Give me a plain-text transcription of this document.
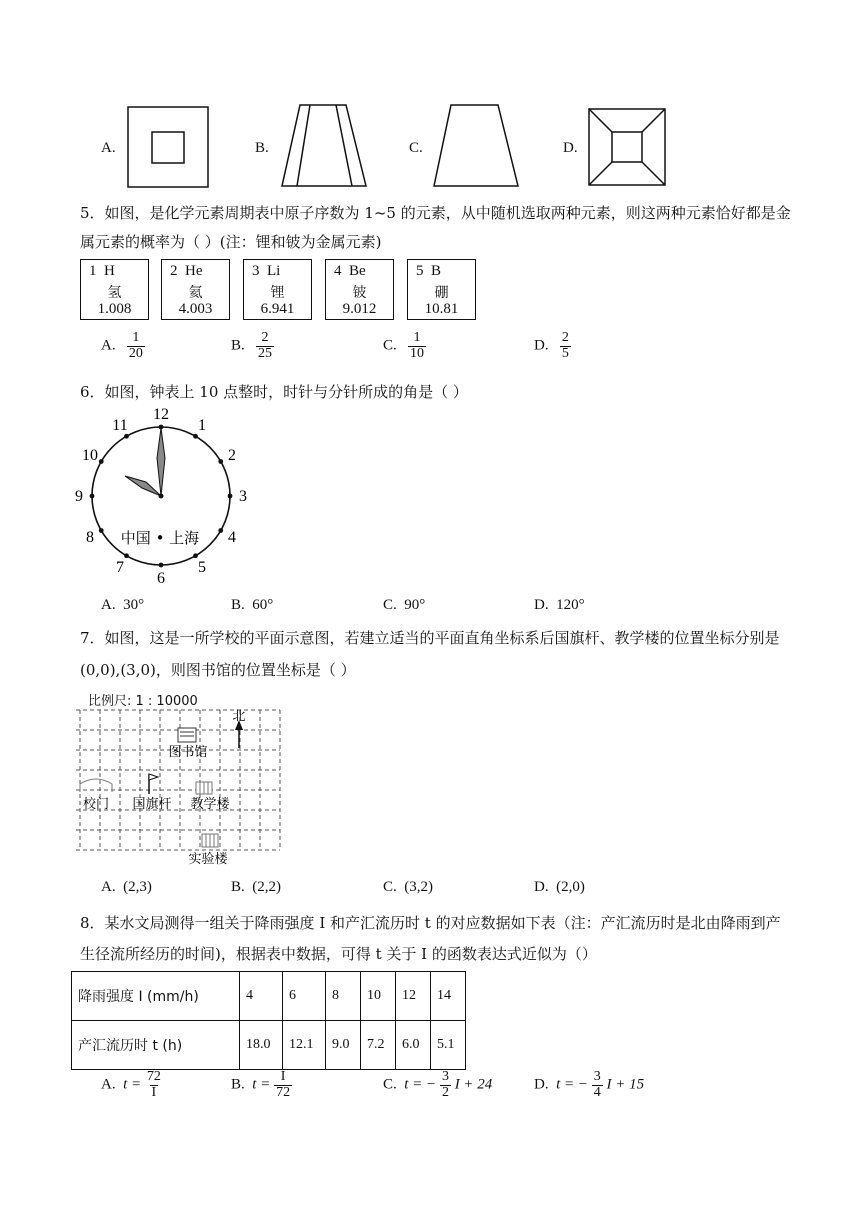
A.	B.	C.	D.
5．如图，是化学元素周期表中原子序数为 1~5 的元素，从中随机选取两种元素，则这两种元素恰好都是金
属元素的概率为（ ）(注：锂和铍为金属元素)
1 H
氢
1.008
2 He
氦
4.003
3 Li
锂
6.941
4 Be
铍
9.012
5 B
硼
10.81
A. $\frac{1}{20}$	B. $\frac{2}{25}$	C. $\frac{1}{10}$	D. $\frac{2}{5}$
6．如图，钟表上 10 点整时，时针与分针所成的角是（ ）
12
1
2
3
4
5
6
7
8
9
10
11
中国 • 上海
A. 30°	B. 60°	C. 90°	D. 120°
7．如图，这是一所学校的平面示意图，若建立适当的平面直角坐标系后国旗杆、教学楼的位置坐标分别是
(0,0),(3,0)，则图书馆的位置坐标是（ ）
比例尺: 1 : 10000
北
图书馆
校门 国旗杆 教学楼
实验楼
A. (2,3)	B. (2,2)	C. (3,2)	D. (2,0)
8．某水文局测得一组关于降雨强度 I 和产汇流历时 t 的对应数据如下表（注：产汇流历时是北由降雨到产
生径流所经历的时间)，根据表中数据，可得 t 关于 I 的函数表达式近似为（）
降雨强度 I (mm/h)	4	6	8	10	12	14
产汇流历时 t (h)	18.0	12.1	9.0	7.2	6.0	5.1
A. $t = \frac{72}{I}$	B. $t = \frac{I}{72}$	C. t = − $\frac{3}{2}$ I + 24	D. t = − $\frac{3}{4}$ I + 15
